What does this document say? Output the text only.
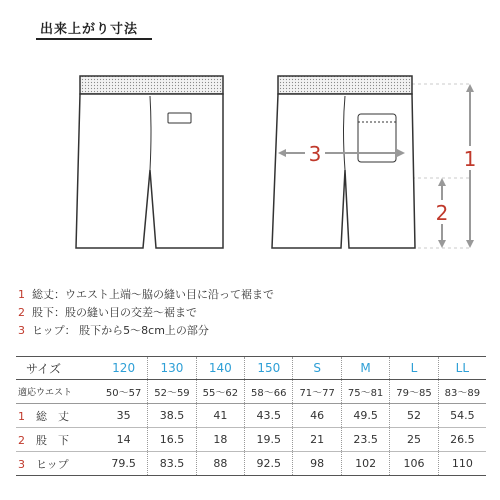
出来上がり寸法
3	1
2
1 総丈：ウエスト上端〜脇の縫い目に沿って裾まで
2 股下：股の縫い目の交差〜裾まで
3 ヒップ： 股下から5〜8cm上の部分
サイズ	120	130	140	150	S	M	L	LL
適応ウエスト	50〜57	52〜59	55〜62	58〜66	71〜77	75〜81	79〜85	83〜89
1 総　丈	35	38.5	41	43.5	46	49.5	52	54.5
2 股　下	14	16.5	18	19.5	21	23.5	25	26.5
3 ヒップ	79.5	83.5	88	92.5	98	102	106	110
